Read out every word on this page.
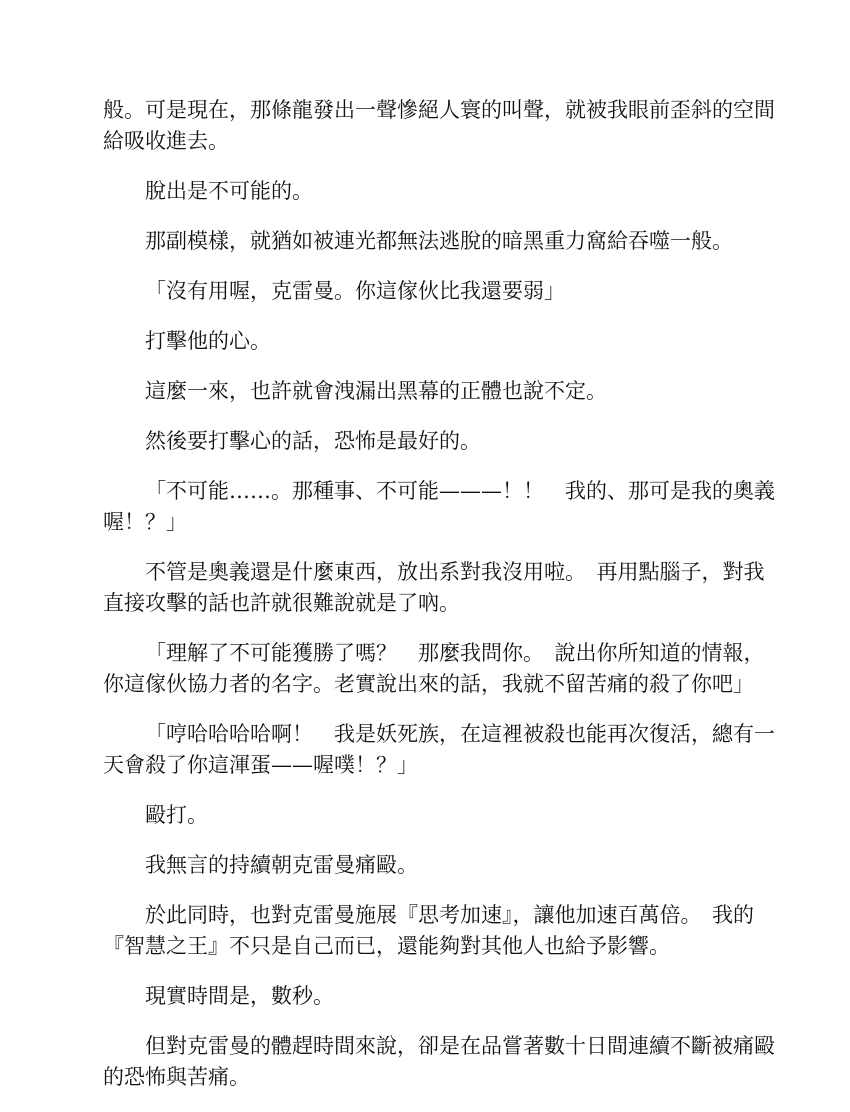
般。可是現在，那條龍發出一聲慘絕人寰的叫聲，就被我眼前歪斜的空間給吸收進去。

脫出是不可能的。

那副模樣，就猶如被連光都無法逃脫的暗黑重力窩給吞噬一般。

「沒有用喔，克雷曼。你這傢伙比我還要弱」

打擊他的心。

這麼一來，也許就會洩漏出黑幕的正體也說不定。

然後要打擊心的話，恐怖是最好的。

「不可能……。那種事、不可能———！！　我的、那可是我的奧義喔！？」

不管是奧義還是什麼東西，放出系對我沒用啦。　再用點腦子，對我直接攻擊的話也許就很難說就是了吶。

「理解了不可能獲勝了嗎？　那麼我問你。　說出你所知道的情報，你這傢伙協力者的名字。老實說出來的話，我就不留苦痛的殺了你吧」

「哼哈哈哈哈啊！　我是妖死族，在這裡被殺也能再次復活，總有一天會殺了你這渾蛋——喔噗！？」

毆打。

我無言的持續朝克雷曼痛毆。

於此同時，也對克雷曼施展『思考加速』，讓他加速百萬倍。　我的『智慧之王』不只是自己而已，還能夠對其他人也給予影響。

現實時間是，數秒。

但對克雷曼的體趕時間來說，卻是在品嘗著數十日間連續不斷被痛毆的恐怖與苦痛。
